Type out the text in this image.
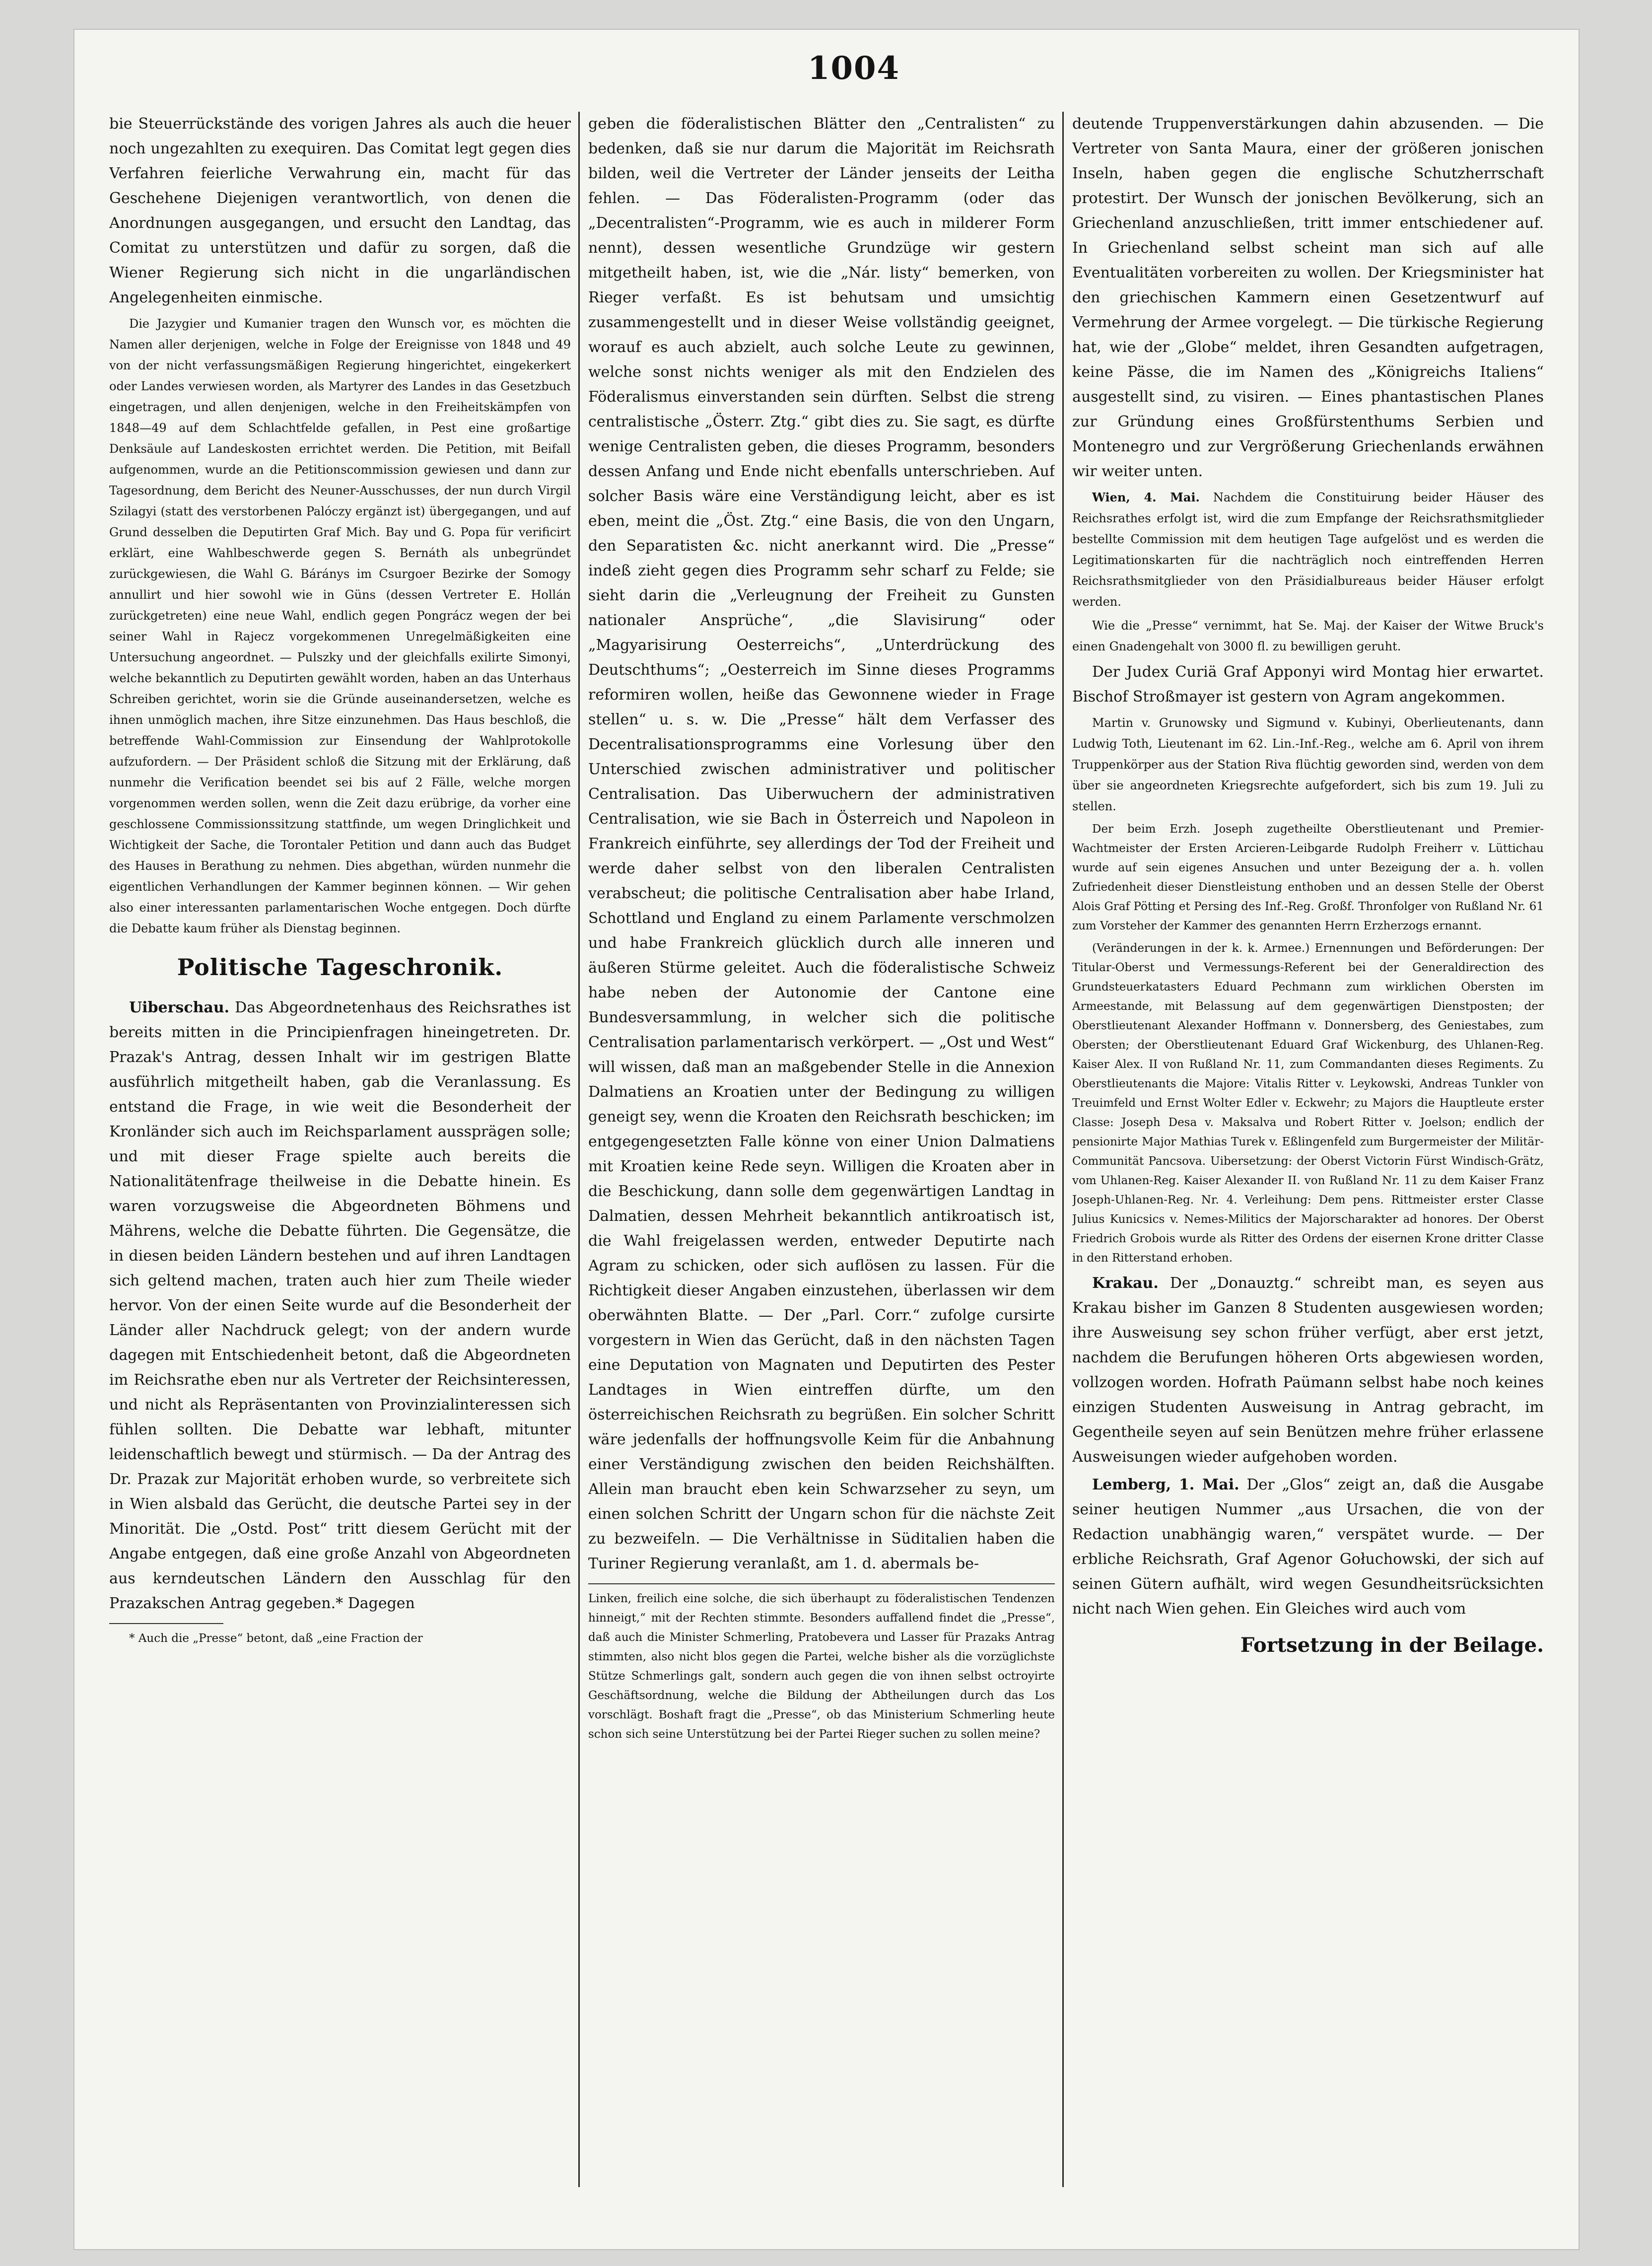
1004

bie Steuerrückstände des vorigen Jahres als auch die heuer noch ungezahlten zu exequiren. Das Comitat legt gegen dies Verfahren feierliche Verwahrung ein, macht für das Geschehene Diejenigen verantwortlich, von denen die Anordnungen ausgegangen, und ersucht den Landtag, das Comitat zu unterstützen und dafür zu sorgen, daß die Wiener Regierung sich nicht in die ungarländischen Angelegenheiten einmische.

Die Jazygier und Kumanier tragen den Wunsch vor, es möchten die Namen aller derjenigen, welche in Folge der Ereignisse von 1848 und 49 von der nicht verfassungsmäßigen Regierung hingerichtet, eingekerkert oder Landes verwiesen worden, als Martyrer des Landes in das Gesetzbuch eingetragen, und allen denjenigen, welche in den Freiheitskämpfen von 1848—49 auf dem Schlachtfelde gefallen, in Pest eine großartige Denksäule auf Landeskosten errichtet werden. Die Petition, mit Beifall aufgenommen, wurde an die Petitionscommission gewiesen und dann zur Tagesordnung, dem Bericht des Neuner-Ausschusses, der nun durch Virgil Szilagyi (statt des verstorbenen Palóczy ergänzt ist) übergegangen, und auf Grund desselben die Deputirten Graf Mich. Bay und G. Popa für verificirt erklärt, eine Wahlbeschwerde gegen S. Bernáth als unbegründet zurückgewiesen, die Wahl G. Báránys im Csurgoer Bezirke der Somogy annullirt und hier sowohl wie in Güns (dessen Vertreter E. Hollán zurückgetreten) eine neue Wahl, endlich gegen Pongrácz wegen der bei seiner Wahl in Rajecz vorgekommenen Unregelmäßigkeiten eine Untersuchung angeordnet. — Pulszky und der gleichfalls exilirte Simonyi, welche bekanntlich zu Deputirten gewählt worden, haben an das Unterhaus Schreiben gerichtet, worin sie die Gründe auseinandersetzen, welche es ihnen unmöglich machen, ihre Sitze einzunehmen. Das Haus beschloß, die betreffende Wahl-Commission zur Einsendung der Wahlprotokolle aufzufordern. — Der Präsident schloß die Sitzung mit der Erklärung, daß nunmehr die Verification beendet sei bis auf 2 Fälle, welche morgen vorgenommen werden sollen, wenn die Zeit dazu erübrige, da vorher eine geschlossene Commissionssitzung stattfinde, um wegen Dringlichkeit und Wichtigkeit der Sache, die Torontaler Petition und dann auch das Budget des Hauses in Berathung zu nehmen. Dies abgethan, würden nunmehr die eigentlichen Verhandlungen der Kammer beginnen können. — Wir gehen also einer interessanten parlamentarischen Woche entgegen. Doch dürfte die Debatte kaum früher als Dienstag beginnen.

Politische Tageschronik.

Uiberschau. Das Abgeordnetenhaus des Reichsrathes ist bereits mitten in die Principienfragen hineingetreten. Dr. Prazak's Antrag, dessen Inhalt wir im gestrigen Blatte ausführlich mitgetheilt haben, gab die Veranlassung. Es entstand die Frage, in wie weit die Besonderheit der Kronländer sich auch im Reichsparlament aussprägen solle; und mit dieser Frage spielte auch bereits die Nationalitätenfrage theilweise in die Debatte hinein. Es waren vorzugsweise die Abgeordneten Böhmens und Mährens, welche die Debatte führten. Die Gegensätze, die in diesen beiden Ländern bestehen und auf ihren Landtagen sich geltend machen, traten auch hier zum Theile wieder hervor. Von der einen Seite wurde auf die Besonderheit der Länder aller Nachdruck gelegt; von der andern wurde dagegen mit Entschiedenheit betont, daß die Abgeordneten im Reichsrathe eben nur als Vertreter der Reichsinteressen, und nicht als Repräsentanten von Provinzialinteressen sich fühlen sollten. Die Debatte war lebhaft, mitunter leidenschaftlich bewegt und stürmisch. — Da der Antrag des Dr. Prazak zur Majorität erhoben wurde, so verbreitete sich in Wien alsbald das Gerücht, die deutsche Partei sey in der Minorität. Die „Ostd. Post“ tritt diesem Gerücht mit der Angabe entgegen, daß eine große Anzahl von Abgeordneten aus kerndeutschen Ländern den Ausschlag für den Prazakschen Antrag gegeben.* Dagegen

* Auch die „Presse“ betont, daß „eine Fraction der

geben die föderalistischen Blätter den „Centralisten“ zu bedenken, daß sie nur darum die Majorität im Reichsrath bilden, weil die Vertreter der Länder jenseits der Leitha fehlen. — Das Föderalisten-Programm (oder das „Decentralisten“-Programm, wie es auch in milderer Form nennt), dessen wesentliche Grundzüge wir gestern mitgetheilt haben, ist, wie die „Nár. listy“ bemerken, von Rieger verfaßt. Es ist behutsam und umsichtig zusammengestellt und in dieser Weise vollständig geeignet, worauf es auch abzielt, auch solche Leute zu gewinnen, welche sonst nichts weniger als mit den Endzielen des Föderalismus einverstanden sein dürften. Selbst die streng centralistische „Österr. Ztg.“ gibt dies zu. Sie sagt, es dürfte wenige Centralisten geben, die dieses Programm, besonders dessen Anfang und Ende nicht ebenfalls unterschrieben. Auf solcher Basis wäre eine Verständigung leicht, aber es ist eben, meint die „Öst. Ztg.“ eine Basis, die von den Ungarn, den Separatisten &c. nicht anerkannt wird. Die „Presse“ indeß zieht gegen dies Programm sehr scharf zu Felde; sie sieht darin die „Verleugnung der Freiheit zu Gunsten nationaler Ansprüche“, „die Slavisirung“ oder „Magyarisirung Oesterreichs“, „Unterdrückung des Deutschthums“; „Oesterreich im Sinne dieses Programms reformiren wollen, heiße das Gewonnene wieder in Frage stellen“ u. s. w. Die „Presse“ hält dem Verfasser des Decentralisationsprogramms eine Vorlesung über den Unterschied zwischen administrativer und politischer Centralisation. Das Uiberwuchern der administrativen Centralisation, wie sie Bach in Österreich und Napoleon in Frankreich einführte, sey allerdings der Tod der Freiheit und werde daher selbst von den liberalen Centralisten verabscheut; die politische Centralisation aber habe Irland, Schottland und England zu einem Parlamente verschmolzen und habe Frankreich glücklich durch alle inneren und äußeren Stürme geleitet. Auch die föderalistische Schweiz habe neben der Autonomie der Cantone eine Bundesversammlung, in welcher sich die politische Centralisation parlamentarisch verkörpert. — „Ost und West“ will wissen, daß man an maßgebender Stelle in die Annexion Dalmatiens an Kroatien unter der Bedingung zu willigen geneigt sey, wenn die Kroaten den Reichsrath beschicken; im entgegengesetzten Falle könne von einer Union Dalmatiens mit Kroatien keine Rede seyn. Willigen die Kroaten aber in die Beschickung, dann solle dem gegenwärtigen Landtag in Dalmatien, dessen Mehrheit bekanntlich antikroatisch ist, die Wahl freigelassen werden, entweder Deputirte nach Agram zu schicken, oder sich auflösen zu lassen. Für die Richtigkeit dieser Angaben einzustehen, überlassen wir dem oberwähnten Blatte. — Der „Parl. Corr.“ zufolge cursirte vorgestern in Wien das Gerücht, daß in den nächsten Tagen eine Deputation von Magnaten und Deputirten des Pester Landtages in Wien eintreffen dürfte, um den österreichischen Reichsrath zu begrüßen. Ein solcher Schritt wäre jedenfalls der hoffnungsvolle Keim für die Anbahnung einer Verständigung zwischen den beiden Reichshälften. Allein man braucht eben kein Schwarzseher zu seyn, um einen solchen Schritt der Ungarn schon für die nächste Zeit zu bezweifeln. — Die Verhältnisse in Süditalien haben die Turiner Regierung veranlaßt, am 1. d. abermals be-

Linken, freilich eine solche, die sich überhaupt zu föderalistischen Tendenzen hinneigt,“ mit der Rechten stimmte. Besonders auffallend findet die „Presse“, daß auch die Minister Schmerling, Pratobevera und Lasser für Prazaks Antrag stimmten, also nicht blos gegen die Partei, welche bisher als die vorzüglichste Stütze Schmerlings galt, sondern auch gegen die von ihnen selbst octroyirte Geschäftsordnung, welche die Bildung der Abtheilungen durch das Los vorschlägt. Boshaft fragt die „Presse“, ob das Ministerium Schmerling heute schon sich seine Unterstützung bei der Partei Rieger suchen zu sollen meine?

deutende Truppenverstärkungen dahin abzusenden. — Die Vertreter von Santa Maura, einer der größeren jonischen Inseln, haben gegen die englische Schutzherrschaft protestirt. Der Wunsch der jonischen Bevölkerung, sich an Griechenland anzuschließen, tritt immer entschiedener auf. In Griechenland selbst scheint man sich auf alle Eventualitäten vorbereiten zu wollen. Der Kriegsminister hat den griechischen Kammern einen Gesetzentwurf auf Vermehrung der Armee vorgelegt. — Die türkische Regierung hat, wie der „Globe“ meldet, ihren Gesandten aufgetragen, keine Pässe, die im Namen des „Königreichs Italiens“ ausgestellt sind, zu visiren. — Eines phantastischen Planes zur Gründung eines Großfürstenthums Serbien und Montenegro und zur Vergrößerung Griechenlands erwähnen wir weiter unten.

Wien, 4. Mai. Nachdem die Constituirung beider Häuser des Reichsrathes erfolgt ist, wird die zum Empfange der Reichsrathsmitglieder bestellte Commission mit dem heutigen Tage aufgelöst und es werden die Legitimationskarten für die nachträglich noch eintreffenden Herren Reichsrathsmitglieder von den Präsidialbureaus beider Häuser erfolgt werden.

Wie die „Presse“ vernimmt, hat Se. Maj. der Kaiser der Witwe Bruck's einen Gnadengehalt von 3000 fl. zu bewilligen geruht.

Der Judex Curiä Graf Apponyi wird Montag hier erwartet. Bischof Stroßmayer ist gestern von Agram angekommen.

Martin v. Grunowsky und Sigmund v. Kubinyi, Oberlieutenants, dann Ludwig Toth, Lieutenant im 62. Lin.-Inf.-Reg., welche am 6. April von ihrem Truppenkörper aus der Station Riva flüchtig geworden sind, werden von dem über sie angeordneten Kriegsrechte aufgefordert, sich bis zum 19. Juli zu stellen.

Der beim Erzh. Joseph zugetheilte Oberstlieutenant und Premier-Wachtmeister der Ersten Arcieren-Leibgarde Rudolph Freiherr v. Lüttichau wurde auf sein eigenes Ansuchen und unter Bezeigung der a. h. vollen Zufriedenheit dieser Dienstleistung enthoben und an dessen Stelle der Oberst Alois Graf Pötting et Persing des Inf.-Reg. Großf. Thronfolger von Rußland Nr. 61 zum Vorsteher der Kammer des genannten Herrn Erzherzogs ernannt.

(Veränderungen in der k. k. Armee.) Ernennungen und Beförderungen: Der Titular-Oberst und Vermessungs-Referent bei der Generaldirection des Grundsteuerkatasters Eduard Pechmann zum wirklichen Obersten im Armeestande, mit Belassung auf dem gegenwärtigen Dienstposten; der Oberstlieutenant Alexander Hoffmann v. Donnersberg, des Geniestabes, zum Obersten; der Oberstlieutenant Eduard Graf Wickenburg, des Uhlanen-Reg. Kaiser Alex. II von Rußland Nr. 11, zum Commandanten dieses Regiments. Zu Oberstlieutenants die Majore: Vitalis Ritter v. Leykowski, Andreas Tunkler von Treuimfeld und Ernst Wolter Edler v. Eckwehr; zu Majors die Hauptleute erster Classe: Joseph Desa v. Maksalva und Robert Ritter v. Joelson; endlich der pensionirte Major Mathias Turek v. Eßlingenfeld zum Burgermeister der Militär-Communität Pancsova. Uibersetzung: der Oberst Victorin Fürst Windisch-Grätz, vom Uhlanen-Reg. Kaiser Alexander II. von Rußland Nr. 11 zu dem Kaiser Franz Joseph-Uhlanen-Reg. Nr. 4. Verleihung: Dem pens. Rittmeister erster Classe Julius Kunicsics v. Nemes-Militics der Majorscharakter ad honores. Der Oberst Friedrich Grobois wurde als Ritter des Ordens der eisernen Krone dritter Classe in den Ritterstand erhoben.

Krakau. Der „Donauztg.“ schreibt man, es seyen aus Krakau bisher im Ganzen 8 Studenten ausgewiesen worden; ihre Ausweisung sey schon früher verfügt, aber erst jetzt, nachdem die Berufungen höheren Orts abgewiesen worden, vollzogen worden. Hofrath Paümann selbst habe noch keines einzigen Studenten Ausweisung in Antrag gebracht, im Gegentheile seyen auf sein Benützen mehre früher erlassene Ausweisungen wieder aufgehoben worden.

Lemberg, 1. Mai. Der „Glos“ zeigt an, daß die Ausgabe seiner heutigen Nummer „aus Ursachen, die von der Redaction unabhängig waren,“ verspätet wurde. — Der erbliche Reichsrath, Graf Agenor Gołuchowski, der sich auf seinen Gütern aufhält, wird wegen Gesundheitsrücksichten nicht nach Wien gehen. Ein Gleiches wird auch vom

Fortsetzung in der Beilage.
